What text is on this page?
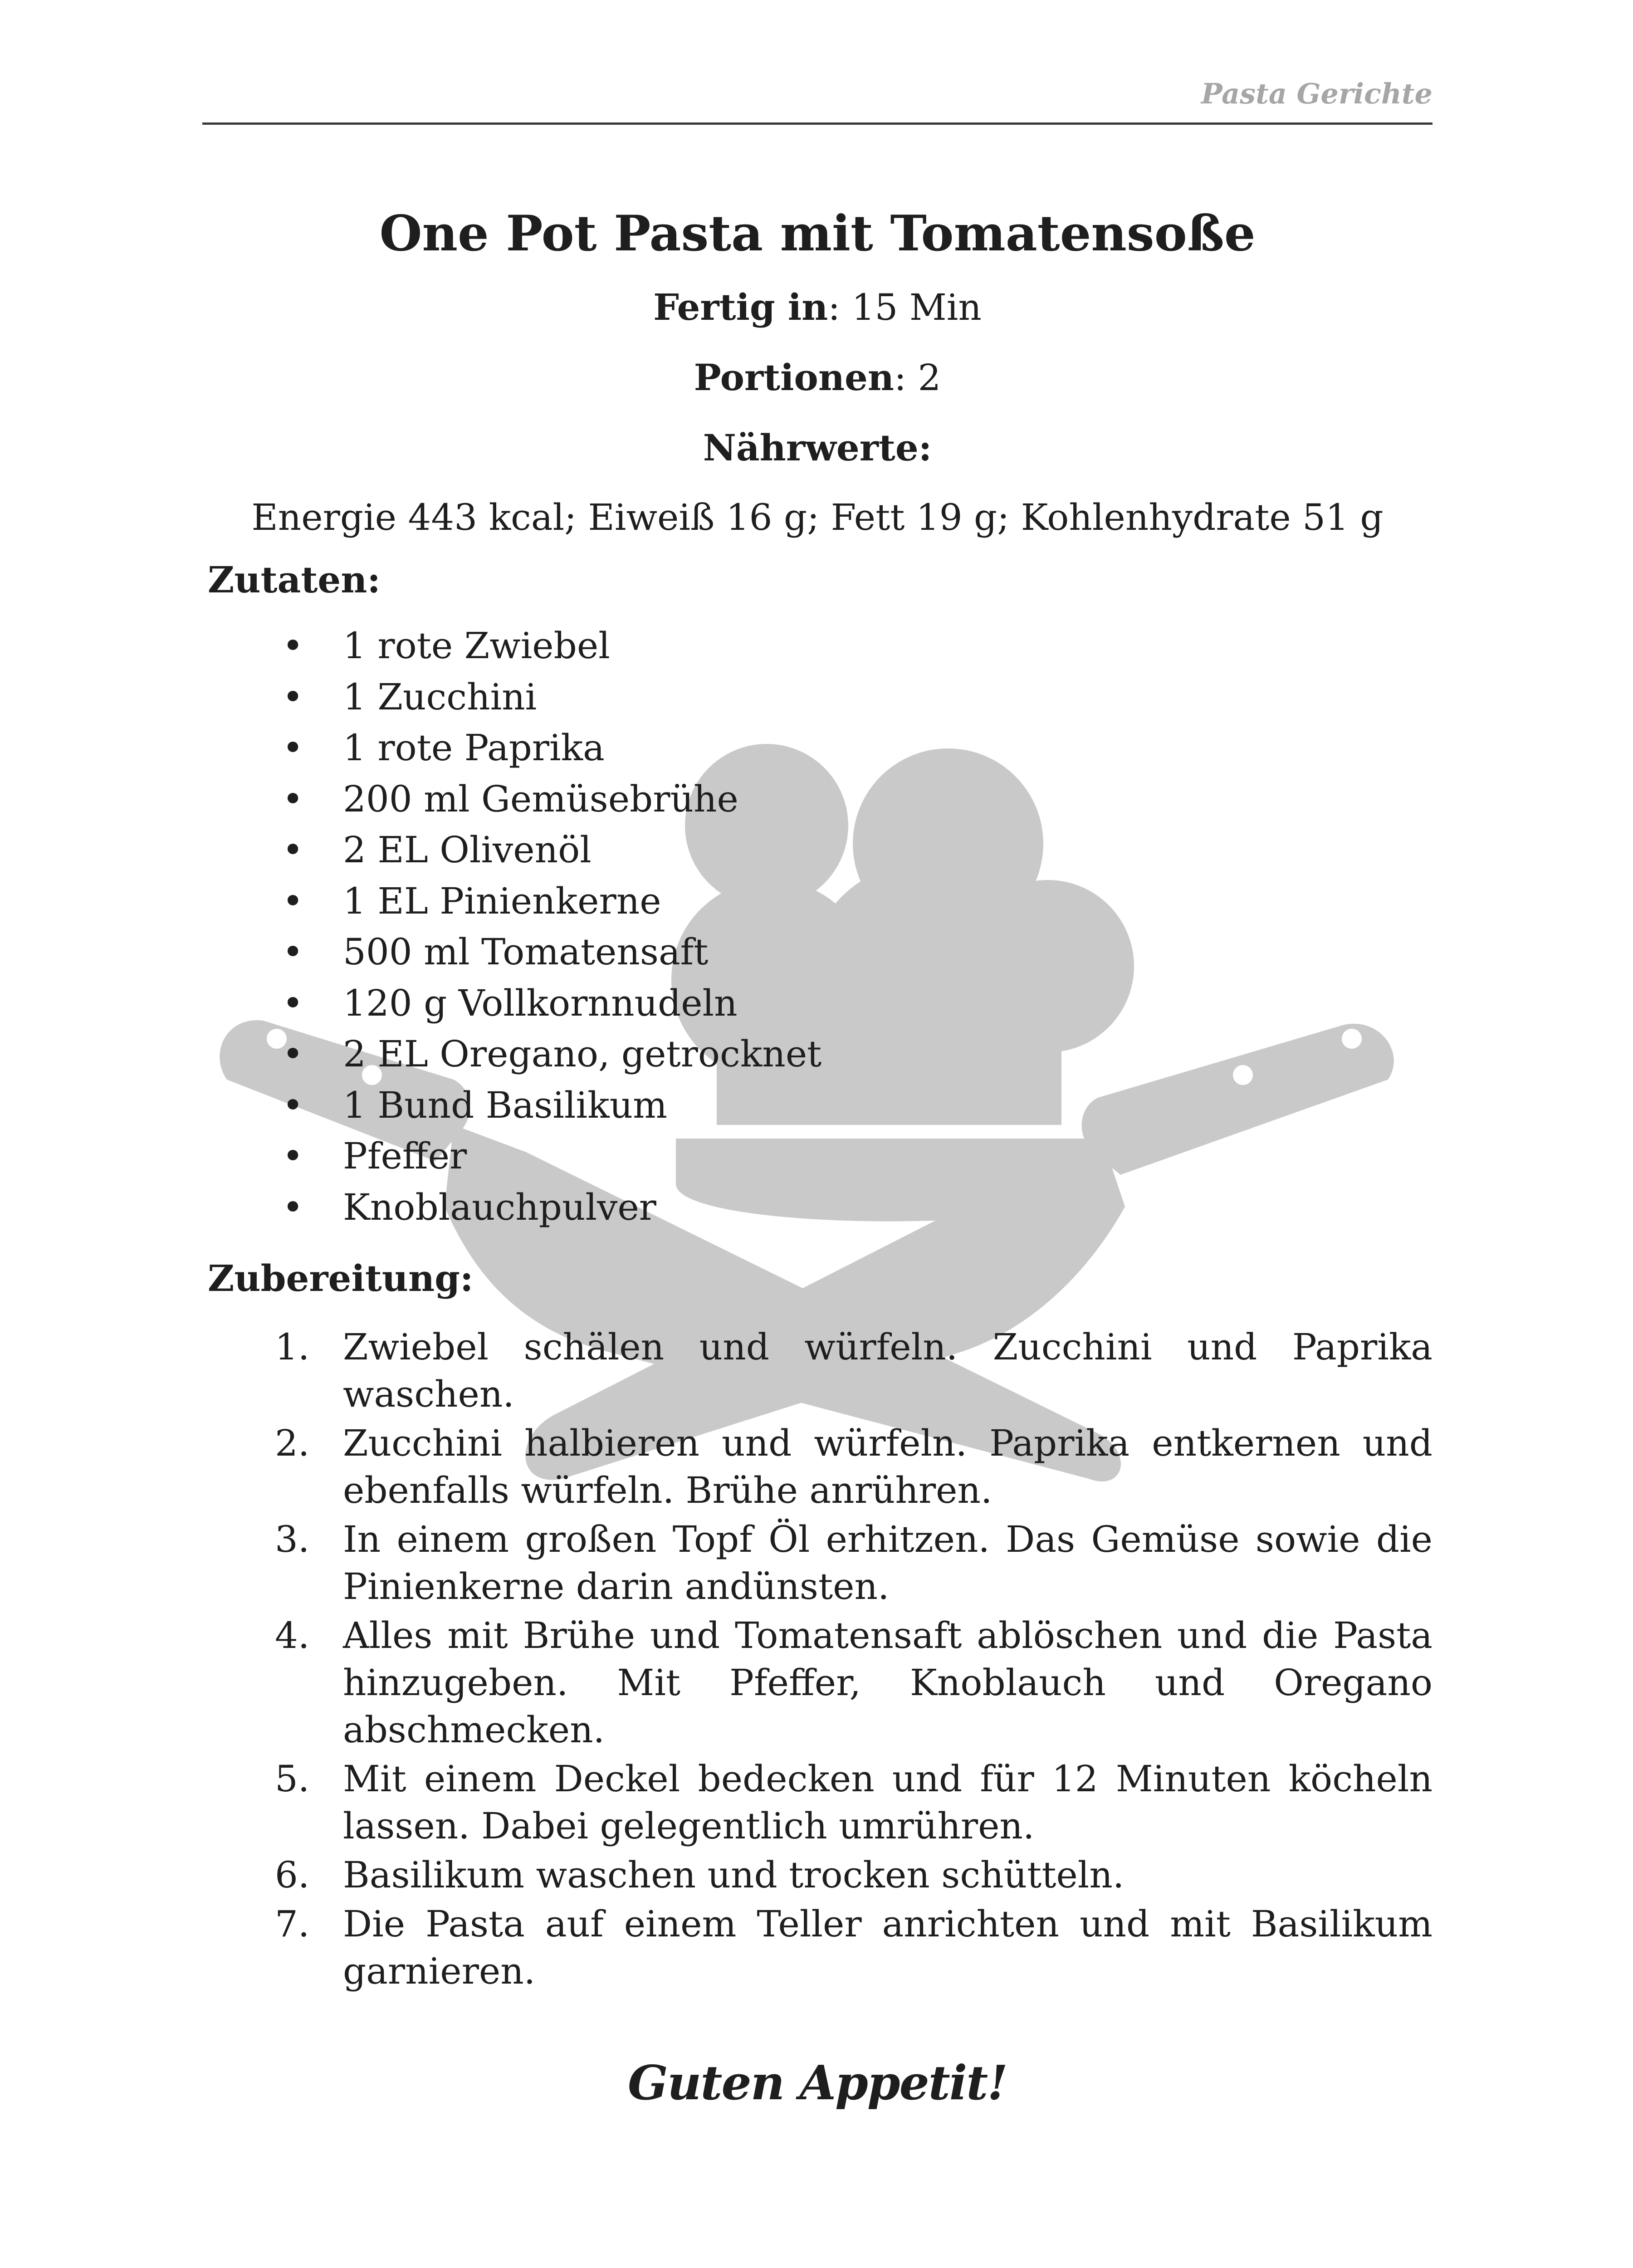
Pasta Gerichte
One Pot Pasta mit Tomatensoße

Fertig in: 15 Min

Portionen: 2

Nährwerte:

Energie 443 kcal; Eiweiß 16 g; Fett 19 g; Kohlenhydrate 51 g

Zutaten:
• 1 rote Zwiebel
• 1 Zucchini
• 1 rote Paprika
• 200 ml Gemüsebrühe
• 2 EL Olivenöl
• 1 EL Pinienkerne
• 500 ml Tomatensaft
• 120 g Vollkornnudeln
• 2 EL Oregano, getrocknet
• 1 Bund Basilikum
• Pfeffer
• Knoblauchpulver
Zubereitung:
1. Zwiebel schälen und würfeln. Zucchini und Paprika waschen.
2. Zucchini halbieren und würfeln. Paprika entkernen und ebenfalls würfeln. Brühe anrühren.
3. In einem großen Topf Öl erhitzen. Das Gemüse sowie die Pinienkerne darin andünsten.
4. Alles mit Brühe und Tomatensaft ablöschen und die Pasta hinzugeben. Mit Pfeffer, Knoblauch und Oregano abschmecken.
5. Mit einem Deckel bedecken und für 12 Minuten köcheln lassen. Dabei gelegentlich umrühren.
6. Basilikum waschen und trocken schütteln.
7. Die Pasta auf einem Teller anrichten und mit Basilikum garnieren.
Guten Appetit!
